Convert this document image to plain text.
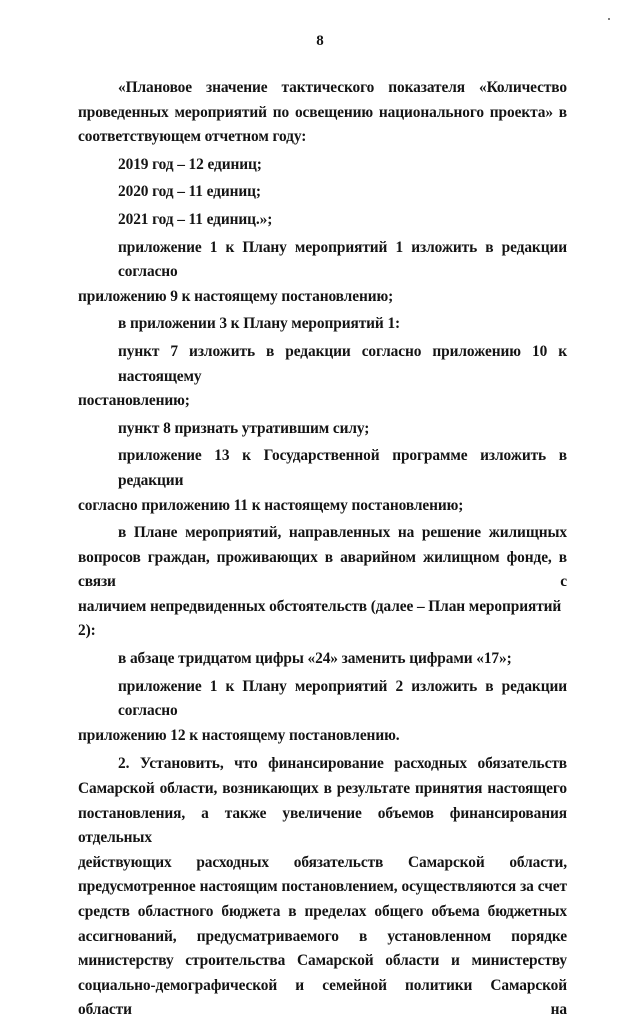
8
«Плановое значение тактического показателя «Количество
проведенных мероприятий по освещению национального проекта» в
соответствующем отчетном году:
2019 год – 12 единиц;
2020 год – 11 единиц;
2021 год – 11 единиц.»;
приложение 1 к Плану мероприятий 1 изложить в редакции согласно
приложению 9 к настоящему постановлению;
в приложении 3 к Плану мероприятий 1:
пункт 7 изложить в редакции согласно приложению 10 к настоящему
постановлению;
пункт 8 признать утратившим силу;
приложение 13 к Государственной программе изложить в редакции
согласно приложению 11 к настоящему постановлению;
в Плане мероприятий, направленных на решение жилищных
вопросов граждан, проживающих в аварийном жилищном фонде, в связи с
наличием непредвиденных обстоятельств (далее – План мероприятий 2):
в абзаце тридцатом цифры «24» заменить цифрами «17»;
приложение 1 к Плану мероприятий 2 изложить в редакции согласно
приложению 12 к настоящему постановлению.
2. Установить, что финансирование расходных обязательств
Самарской области, возникающих в результате принятия настоящего
постановления, а также увеличение объемов финансирования отдельных
действующих расходных обязательств Самарской области,
предусмотренное настоящим постановлением, осуществляются за счет
средств областного бюджета в пределах общего объема бюджетных
ассигнований, предусматриваемого в установленном порядке
министерству строительства Самарской области и министерству
социально-демографической и семейной политики Самарской области на
